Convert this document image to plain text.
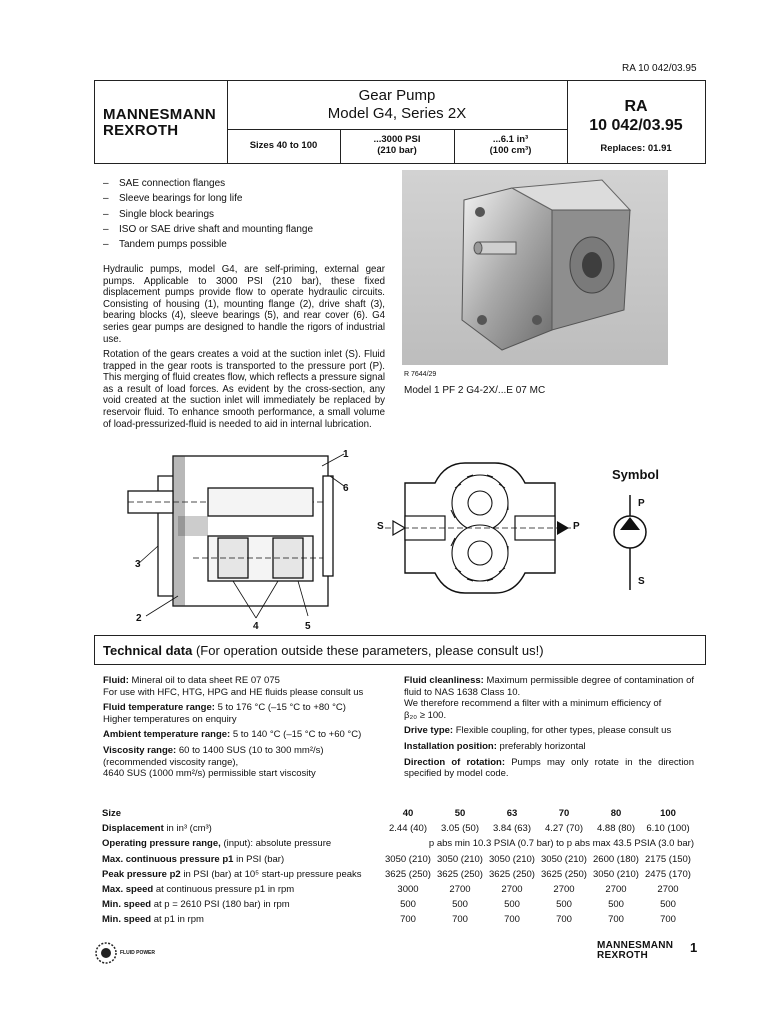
RA 10 042/03.95
MANNESMANN
REXROTH
Gear Pump
Model G4, Series 2X
Sizes 40 to 100
...3000 PSI
(210 bar)
...6.1 in³
(100 cm³)
RA
10 042/03.95
Replaces: 01.91
– SAE connection flanges
– Sleeve bearings for long life
– Single block bearings
– ISO or SAE drive shaft and mounting flange
– Tandem pumps possible
Hydraulic pumps, model G4, are self-priming, external gear pumps. Applicable to 3000 PSI (210 bar), these fixed displacement pumps provide flow to operate hydraulic circuits. Consisting of housing (1), mounting flange (2), drive shaft (3), bearing blocks (4), sleeve bearings (5), and rear cover (6). G4 series gear pumps are designed to handle the rigors of industrial use.
Rotation of the gears creates a void at the suction inlet (S). Fluid trapped in the gear roots is transported to the pressure port (P). This merging of fluid creates flow, which reflects a pressure signal as a result of load forces. As evident by the cross-section, any void created at the suction inlet will immediately be replaced by reservoir fluid. To enhance smooth performance, a small volume of load-pressurized-fluid is needed to aid in internal lubrication.
R 7644/29
Model 1 PF 2 G4-2X/...E 07 MC
1
6
3
2
4	5
S	P
Symbol
P
S
Technical data (For operation outside these parameters, please consult us!)
Fluid: Mineral oil to data sheet RE 07 075
For use with HFC, HTG, HPG and HE fluids please consult us
Fluid temperature range: 5 to 176 °C (–15 °C to +80 °C)
Higher temperatures on enquiry
Ambient temperature range: 5 to 140 °C (–15 °C to +60 °C)
Viscosity range: 60 to 1400 SUS (10 to 300 mm²/s)
(recommended viscosity range),
4640 SUS (1000 mm²/s) permissible start viscosity
Fluid cleanliness: Maximum permissible degree of contamination of fluid to NAS 1638 Class 10.
We therefore recommend a filter with a minimum efficiency of
β₂₀ ≥ 100.
Drive type: Flexible coupling, for other types, please consult us
Installation position: preferably horizontal
Direction of rotation: Pumps may only rotate in the direction specified by model code.
Size	40	50	63	70	80	100
Displacement in in³ (cm³)	2.44 (40)	3.05 (50)	3.84 (63)	4.27 (70)	4.88 (80)	6.10 (100)
Operating pressure range, (input): absolute pressure	p abs min 10.3 PSIA (0.7 bar) to p abs max 43.5 PSIA (3.0 bar)					
Max. continuous pressure p1 in PSI (bar)	3050 (210)	3050 (210)	3050 (210)	3050 (210)	2600 (180)	2175 (150)
Peak pressure p2 in PSI (bar) at 10⁵ start-up pressure peaks	3625 (250)	3625 (250)	3625 (250)	3625 (250)	3050 (210)	2475 (170)
Max. speed at continuous pressure p1 in rpm	3000	2700	2700	2700	2700	2700
Min. speed at p = 2610 PSI (180 bar) in rpm	500	500	500	500	500	500
Min. speed at p1 in rpm	700	700	700	700	700	700
FLUID POWER
MANNESMANN
REXROTH
1
